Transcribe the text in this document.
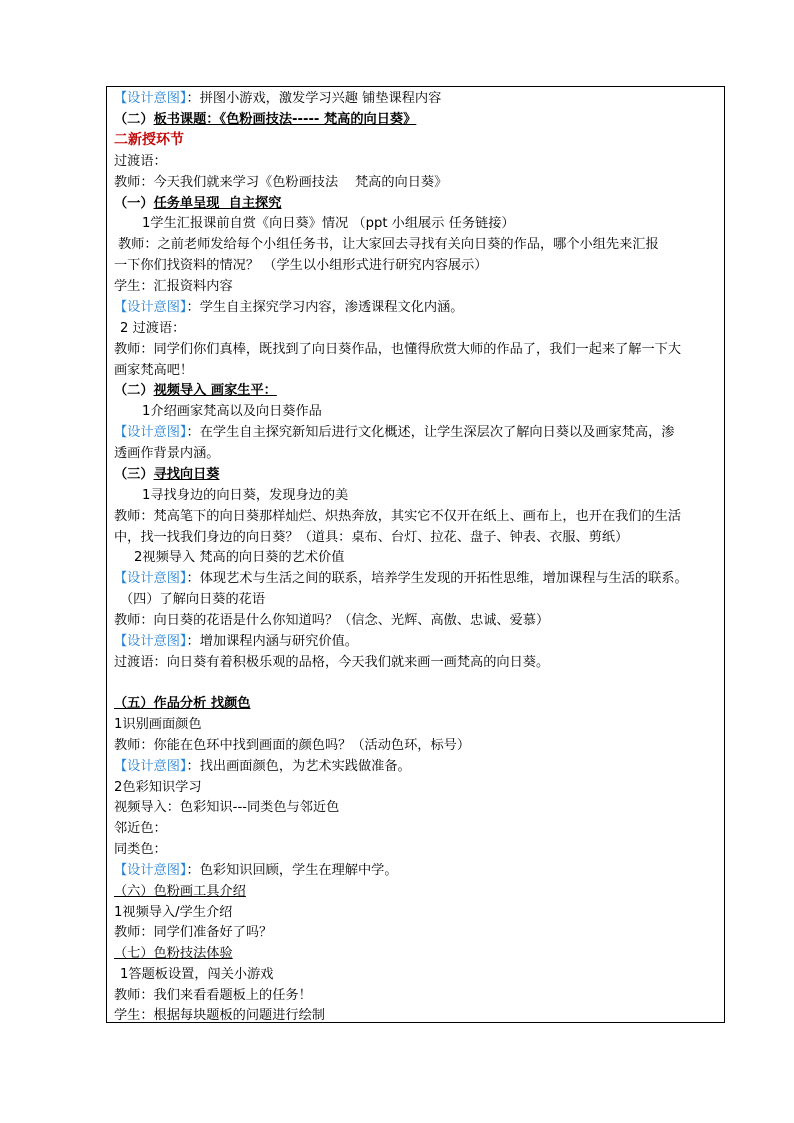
【设计意图】：拼图小游戏，激发学习兴趣 铺垫课程内容
（二）板书课题：《色粉画技法----- 梵高的向日葵》
二新授环节
过渡语：
教师：今天我们就来学习《色粉画技法    梵高的向日葵》
（一）任务单呈现  自主探究
1学生汇报课前自赏《向日葵》情况 （ppt 小组展示 任务链接）
教师：之前老师发给每个小组任务书，让大家回去寻找有关向日葵的作品，哪个小组先来汇报
一下你们找资料的情况？ （学生以小组形式进行研究内容展示）
学生：汇报资料内容
【设计意图】：学生自主探究学习内容，渗透课程文化内涵。
2 过渡语：
教师：同学们你们真棒，既找到了向日葵作品，也懂得欣赏大师的作品了，我们一起来了解一下大
画家梵高吧！
（二）视频导入 画家生平：
1介绍画家梵高以及向日葵作品
【设计意图】：在学生自主探究新知后进行文化概述，让学生深层次了解向日葵以及画家梵高，渗
透画作背景内涵。
（三）寻找向日葵
1寻找身边的向日葵，发现身边的美
教师：梵高笔下的向日葵那样灿烂、炽热奔放，其实它不仅开在纸上、画布上，也开在我们的生活
中，找一找我们身边的向日葵？（道具：桌布、台灯、拉花、盘子、钟表、衣服、剪纸）
2视频导入 梵高的向日葵的艺术价值
【设计意图】：体现艺术与生活之间的联系，培养学生发现的开拓性思维，增加课程与生活的联系。
（四）了解向日葵的花语
教师：向日葵的花语是什么你知道吗？（信念、光辉、高傲、忠诚、爱慕）
【设计意图】：增加课程内涵与研究价值。
过渡语：向日葵有着积极乐观的品格，今天我们就来画一画梵高的向日葵。
（五）作品分析 找颜色
1识别画面颜色
教师：你能在色环中找到画面的颜色吗？（活动色环，标号）
【设计意图】：找出画面颜色，为艺术实践做准备。
2色彩知识学习
视频导入：色彩知识---同类色与邻近色
邻近色：
同类色：
【设计意图】：色彩知识回顾，学生在理解中学。
（六）色粉画工具介绍
1视频导入/学生介绍
教师：同学们准备好了吗？
（七）色粉技法体验
1答题板设置，闯关小游戏
教师：我们来看看题板上的任务！
学生：根据每块题板的问题进行绘制
